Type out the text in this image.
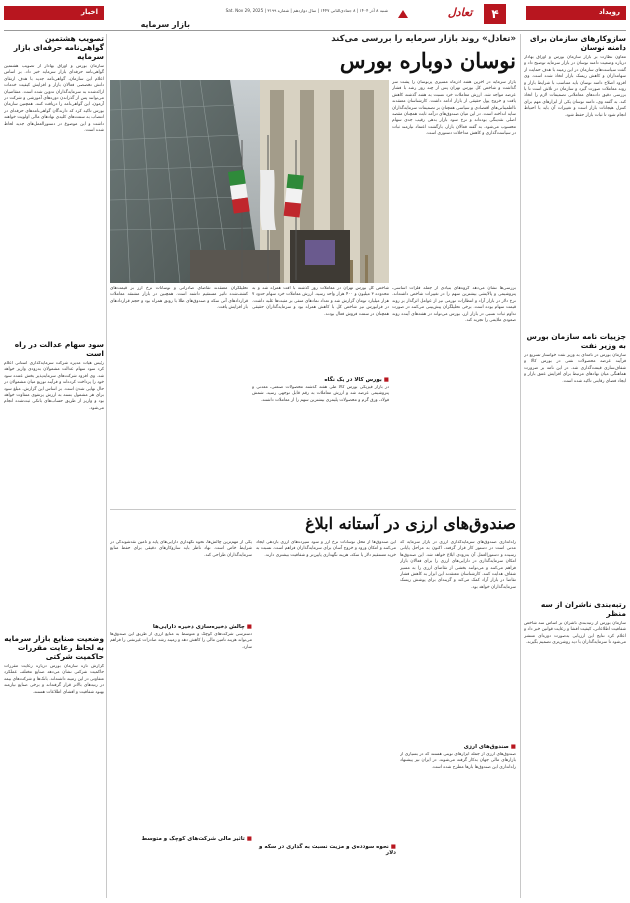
رویداد
۴
تعادل
شنبه ۸ آذر ۱۴۰۴ | ۸ جمادی‌الثانی ۱۴۴۷ | سال دوازدهم | شماره ۳۱۹۹ | Sat. Nov 29, 2025
بازار سرمایه
اخبار
سازوکارهای سازمان برای دامنه نوسان
معاون نظارت بر بازار سازمان بورس و اوراق بهادار درباره وضعیت دامنه نوسان در بازار سرمایه توضیح داد و گفت سیاست‌های سازمان در این زمینه با هدف حمایت از سهامداران و کاهش ریسک بازار اتخاذ شده است. وی افزود اصلاح دامنه نوسان باید متناسب با شرایط بازار و روند معاملات صورت گیرد و سازمان در تلاش است تا با بررسی دقیق داده‌های معاملاتی تصمیمات لازم را اتخاذ کند. به گفته وی، دامنه نوسان یکی از ابزارهای مهم برای کنترل هیجانات بازار است و تغییرات آن باید با احتیاط انجام شود تا ثبات بازار حفظ شود.
جزییات نامه سازمان بورس به وزیر نفت
سازمان بورس در نامه‌ای به وزیر نفت خواستار تسریع در فرآیند عرضه محصولات نفتی در بورس کالا و شفاف‌سازی قیمت‌گذاری شد. در این نامه بر ضرورت هماهنگی میان نهادهای مرتبط برای افزایش عمق بازار و ایجاد فضای رقابتی تاکید شده است.
رتبه‌بندی ناشران از سه منظر
سازمان بورس از رتبه‌بندی ناشران بر اساس سه شاخص شفافیت اطلاعاتی، کیفیت افشا و رعایت قوانین خبر داد و اعلام کرد نتایج این ارزیابی به‌صورت دوره‌ای منتشر می‌شود تا سرمایه‌گذاران با دید روشن‌تری تصمیم بگیرند.
تصویب هشتمین گواهی‌نامه حرفه‌ای بازار سرمایه
سازمان بورس و اوراق بهادار از تصویب هشتمین گواهی‌نامه حرفه‌ای بازار سرمایه خبر داد. بر اساس اعلام این سازمان، گواهی‌نامه جدید با هدف ارتقای دانش تخصصی فعالان بازار و افزایش کیفیت خدمات ارائه‌شده به سرمایه‌گذاران تدوین شده است. متقاضیان می‌توانند پس از گذراندن دوره‌های آموزشی و شرکت در آزمون، این گواهی‌نامه را دریافت کنند. همچنین سازمان بورس تاکید کرد که دارندگان گواهی‌نامه‌های حرفه‌ای در انتصاب به سمت‌های کلیدی نهادهای مالی اولویت خواهند داشت و این موضوع در دستورالعمل‌های جدید لحاظ شده است.
سود سهام عدالت در راه است
رئیس هیات مدیره شرکت سرمایه‌گذاری استانی اعلام کرد سود سهام عدالت مشمولان به‌زودی واریز خواهد شد. وی افزود شرکت‌های سرمایه‌پذیر بخش عمده سود خود را پرداخت کرده‌اند و فرآیند توزیع میان مشمولان در حال نهایی شدن است. بر اساس این گزارش، مبلغ سود برای هر مشمول بسته به ارزش پرتفوی متفاوت خواهد بود و واریز از طریق حساب‌های بانکی ثبت‌شده انجام می‌شود.
وضعیت صنایع بازار سرمایه به لحاظ رعایت مقررات حاکمیت شرکتی
گزارش تازه سازمان بورس درباره رعایت مقررات حاکمیت شرکتی نشان می‌دهد صنایع مختلف عملکرد متفاوتی در این زمینه داشته‌اند. بانک‌ها و شرکت‌های بیمه در رتبه‌های بالاتر قرار گرفته‌اند و برخی صنایع نیازمند بهبود شفافیت و افشای اطلاعات هستند.
«تعادل» روند بازار سرمایه را بررسی می‌کند
نوسان دوباره بورس
بازار سرمایه در آخرین هفته آذرماه مسیری پرنوسان را پشت سر گذاشت و شاخص کل بورس تهران پس از چند روز رشد با فشار عرضه مواجه شد. ارزش معاملات خرد نسبت به هفته گذشته کاهش یافت و خروج پول حقیقی از بازار ادامه داشت. کارشناسان معتقدند نااطمینانی‌های اقتصادی و سیاسی همچنان بر تصمیمات سرمایه‌گذاران سایه انداخته است. در این میان صندوق‌های درآمد ثابت همچنان مقصد اصلی نقدینگی بوده‌اند و نرخ سود بازار بدهی رقیب جدی سهام محسوب می‌شود. به گفته فعالان بازار، بازگشت اعتماد نیازمند ثبات در سیاست‌گذاری و کاهش مداخلات دستوری است.
بررسی‌ها نشان می‌دهد گروه‌های بنیادی از جمله فلزات اساسی، پتروشیمی و پالایشی بیشترین سهم را در تغییرات شاخص داشته‌اند. نرخ دلار در بازار آزاد و انتظارات تورمی نیز از عوامل اثرگذار بر روند قیمت سهام بوده است. برخی تحلیلگران پیش‌بینی می‌کنند در صورت تداوم ثبات نسبی در بازار ارز، بورس می‌تواند در هفته‌های آینده روند صعودی ملایمی را تجربه کند.
شاخص کل بورس تهران در معاملات روز گذشته با افت همراه شد و به محدوده ۳ میلیون و ۴۰۰ هزار واحد رسید. ارزش معاملات خرد سهام حدود ۷ هزار میلیارد تومان گزارش شد و تعداد نمادهای منفی بر مثبت‌ها غلبه داشت. در فرابورس نیز شاخص کل با کاهش همراه بود و سرمایه‌گذاران حقیقی همچنان در سمت فروش فعال بودند.
■ بورس کالا در یک نگاه
در بازار فیزیکی بورس کالا طی هفته گذشته محصولات صنعتی، معدنی و پتروشیمی عرضه شد و ارزش معاملات به رقم قابل توجهی رسید. شمش فولاد، ورق گرم و محصولات پلیمری بیشترین سهم را از معاملات داشتند.
تحلیلگران معتقدند تقاضای صادراتی و نوسانات نرخ ارز بر قیمت‌های کشف‌شده تاثیر مستقیم داشته است. همچنین در بازار مشتقه معاملات قراردادهای آتی سکه و صندوق‌های طلا با رونق همراه بود و حجم قراردادهای باز افزایش یافت.
صندوق‌های ارزی در آستانه ابلاغ
راه‌اندازی صندوق‌های سرمایه‌گذاری ارزی در بازار سرمایه که مدتی است در دستور کار قرار گرفته، اکنون به مراحل پایانی رسیده و دستورالعمل آن به‌زودی ابلاغ خواهد شد. این صندوق‌ها امکان سرمایه‌گذاری در دارایی‌های ارزی را برای فعالان بازار فراهم می‌کنند و می‌توانند بخشی از تقاضای ارزی را به مسیر شفاف هدایت کنند. کارشناسان معتقدند این ابزار به کاهش فشار تقاضا در بازار آزاد کمک می‌کند و گزینه‌ای برای پوشش ریسک سرمایه‌گذاران خواهد بود.
■ صندوق‌های ارزی
صندوق‌های ارزی از جمله ابزارهای نوینی هستند که در بسیاری از بازارهای مالی جهان به‌کار گرفته می‌شوند. در ایران نیز پیشنهاد راه‌اندازی این صندوق‌ها بارها مطرح شده است.
این صندوق‌ها از محل نوسانات نرخ ارز و سود سپرده‌های ارزی بازدهی ایجاد می‌کنند و امکان ورود و خروج آسان برای سرمایه‌گذاران فراهم است. نسبت به خرید مستقیم دلار یا سکه، هزینه نگهداری پایین‌تر و شفافیت بیشتری دارند.
■ نحوه سودده‌ی و مزیت نسبت به گذاری در سکه و دلار
یکی از مهم‌ترین چالش‌ها، نحوه نگهداری دارایی‌های پایه و تامین نقدشوندگی در شرایط خاص است. نهاد ناظر باید سازوکارهای دقیقی برای حفظ منابع سرمایه‌گذاران طراحی کند.
■ چالش ذخیره‌سازی ذخیره دارایی‌ها
دسترسی شرکت‌های کوچک و متوسط به منابع ارزی از طریق این صندوق‌ها می‌تواند هزینه تامین مالی را کاهش دهد و زمینه رشد صادرات غیرنفتی را فراهم سازد.
■ تاثیر مالی شرکت‌های کوچک و متوسط
